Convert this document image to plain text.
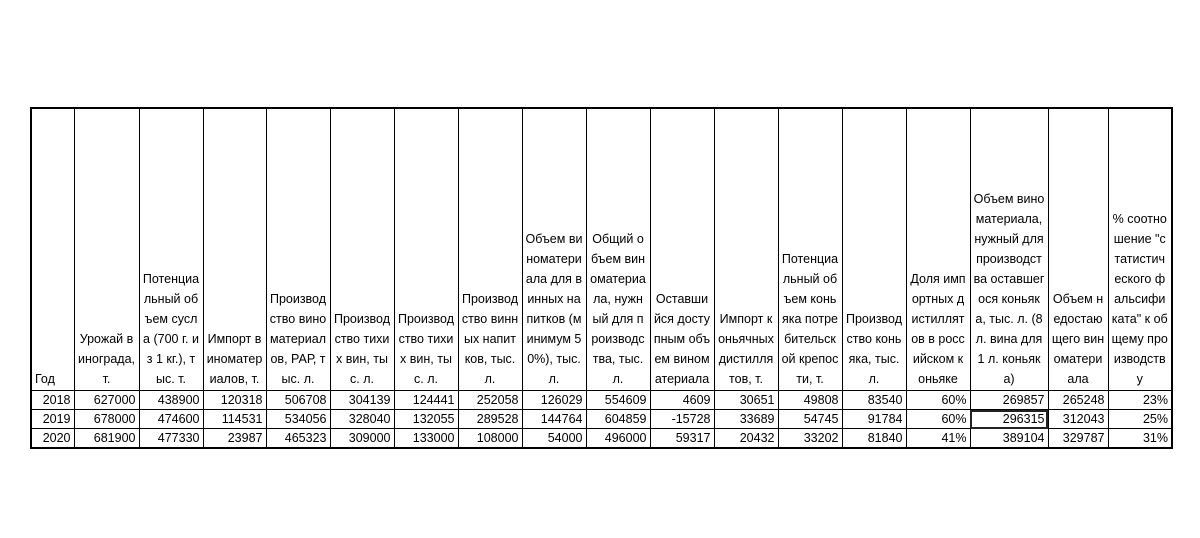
Год	Урожай винограда, т.	Потенциальный объем сусла (700 г. из 1 кг.), тыс. т.	Импорт виноматериалов, т.	Производство виноматериалов, РАР, тыс. л.	Производство тихих вин, тыс. л.	Производство тихих вин, тыс. л.	Производство винных напитков, тыс. л.	Объем виноматериала для винных напитков (минимум 50%), тыс. л.	Общий объем виноматериала, нужный для производства, тыс. л.	Оставшийся доступным объем виноматериала	Импорт коньячных дистиллятов, т.	Потенциальный объем коньяка потребительской крепости, т.	Производство коньяка, тыс. л.	Доля импортных дистиллятов в российском коньяке	Объем виноматериала, нужный для производства оставшегося коньяка, тыс. л. (8 л. вина для 1 л. коньяка)	Объем недостающего виноматериала	% соотношение "статистического фальсификата" к общему производству
2018	627000	438900	120318	506708	304139	124441	252058	126029	554609	4609	30651	49808	83540	60%	269857	265248	23%
2019	678000	474600	114531	534056	328040	132055	289528	144764	604859	-15728	33689	54745	91784	60%	296315	312043	25%
2020	681900	477330	23987	465323	309000	133000	108000	54000	496000	59317	20432	33202	81840	41%	389104	329787	31%
